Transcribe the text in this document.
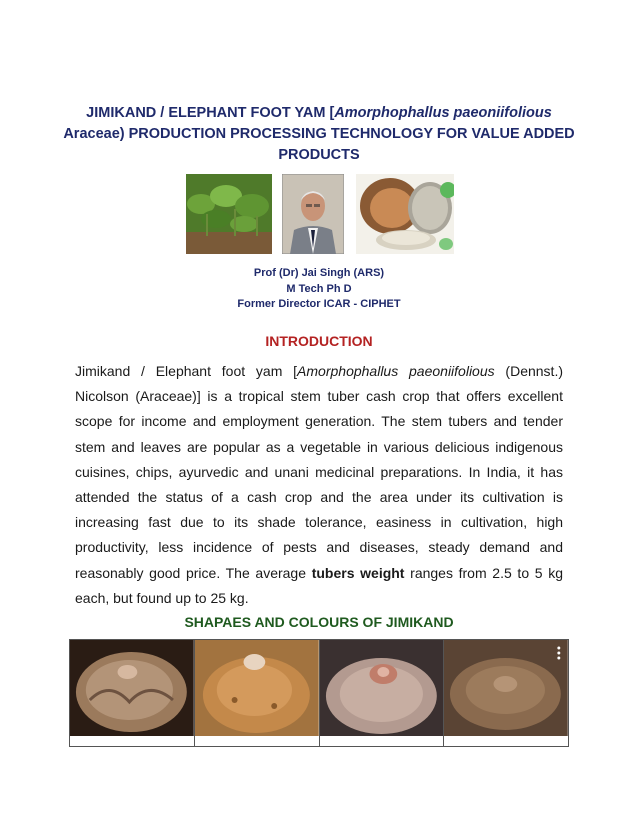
JIMIKAND / ELEPHANT FOOT YAM [Amorphophallus paeoniifolious Araceae) PRODUCTION PROCESSING TECHNOLOGY FOR VALUE ADDED PRODUCTS
Prof (Dr) Jai Singh (ARS)
M Tech Ph D
Former Director ICAR - CIPHET
INTRODUCTION
Jimikand / Elephant foot yam [Amorphophallus paeoniifolious (Dennst.) Nicolson (Araceae)] is a tropical stem tuber cash crop that offers excellent scope for income and employment generation. The stem tubers and tender stem and leaves are popular as a vegetable in various delicious indigenous cuisines, chips, ayurvedic and unani medicinal preparations. In India, it has attended the status of a cash crop and the area under its cultivation is increasing fast due to its shade tolerance, easiness in cultivation, high productivity, less incidence of pests and diseases, steady demand and reasonably good price. The average tubers weight ranges from 2.5 to 5 kg each, but found up to 25 kg.
SHAPAES AND COLOURS OF JIMIKAND
